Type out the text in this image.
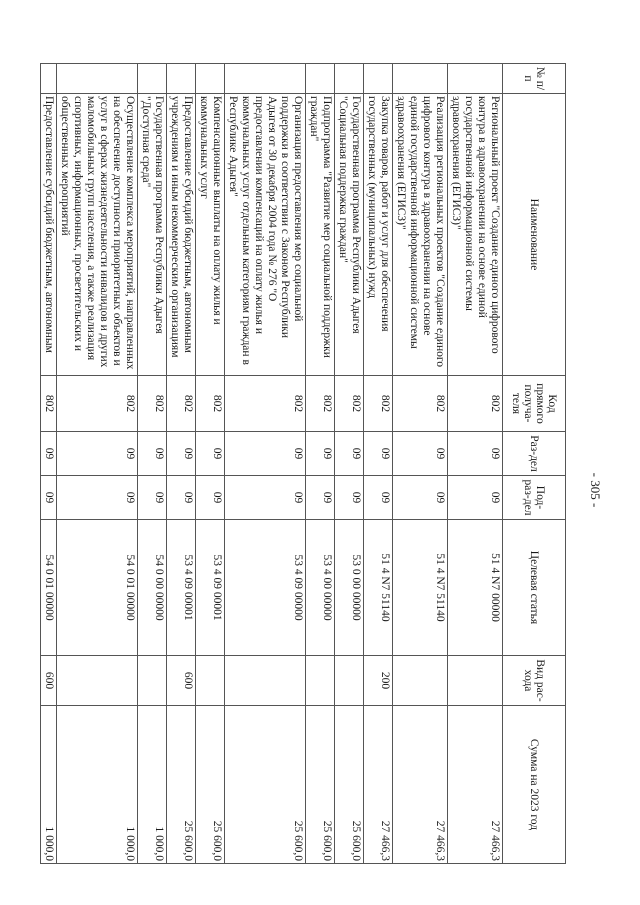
- 305 -
№ п/п	Наименование	Код прямого получа-теля	Раз-дел	Под-раз-дел	Целевая статья	Вид рас-хода	Сумма на 2023 год
	Региональный проект "Создание единого цифрового контура в здравоохранении на основе единой государственной информационной системы здравоохранения (ЕГИСЗ)"	802	09	09	51 4 N7 00000		27 466,3
	Реализация региональных проектов "Создание единого цифрового контура в здравоохранении на основе единой государственной информационной системы здравоохранения (ЕГИСЗ)"	802	09	09	51 4 N7 51140		27 466,3
	Закупка товаров, работ и услуг для обеспечения государственных (муниципальных) нужд	802	09	09	51 4 N7 51140	200	27 466,3
	Государственная программа Республики Адыгея "Социальная поддержка граждан"	802	09	09	53 0 00 00000		25 600,0
	Подпрограмма "Развитие мер социальной поддержки граждан"	802	09	09	53 4 00 00000		25 600,0
	Организация предоставления мер социальной поддержки в соответствии с Законом Республики Адыгея от 30 декабря 2004 года № 276 "О предоставлении компенсаций на оплату жилья и коммунальных услуг отдельным категориям граждан в Республике Адыгея"	802	09	09	53 4 09 00000		25 600,0
	Компенсационные выплаты на оплату жилья и коммунальных услуг	802	09	09	53 4 09 00001		25 600,0
	Предоставление субсидий бюджетным, автономным учреждениям и иным некоммерческим организациям	802	09	09	53 4 09 00001	600	25 600,0
	Государственная программа Республики Адыгея "Доступная среда"	802	09	09	54 0 00 00000		1 000,0
	Осуществление комплекса мероприятий, направленных на обеспечение доступности приоритетных объектов и услуг в сферах жизнедеятельности инвалидов и других маломобильных групп населения, а также реализация спортивных, информационных, просветительских и общественных мероприятий	802	09	09	54 0 01 00000		1 000,0
	Предоставление субсидий бюджетным, автономным	802	09	09	54 0 01 00000	600	1 000,0
